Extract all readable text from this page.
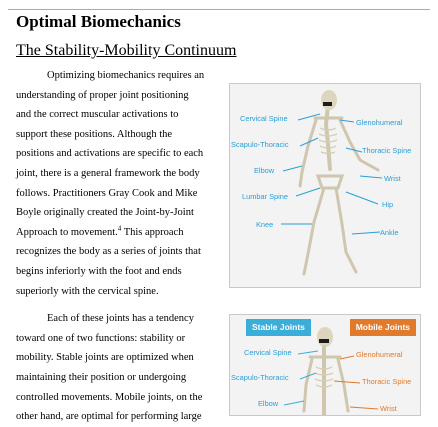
Optimal Biomechanics
The Stability-Mobility Continuum
Optimizing biomechanics requires an
understanding of proper joint positioning
and the correct muscular activations to
support these positions. Although the
positions and activations are specific to each
joint, there is a general framework the body
follows. Practitioners Gray Cook and Mike
Boyle originally created the Joint-by-Joint
Approach to movement.$^4$ This approach
recognizes the body as a series of joints that
begins inferiorly with the foot and ends
superiorly with the cervical spine.
Each of these joints has a tendency
toward one of two functions: stability or
mobility. Stable joints are optimized when
maintaining their position or undergoing
controlled movements. Mobile joints, on the
other hand, are optimal for performing large
Cervical Spine
Scapulo-Thoracic
Elbow
Lumbar Spine
Knee
Glenohumeral
Thoracic Spine
Wrist
Hip
Ankle
Stable Joints	Mobile Joints
Cervical Spine
Scapulo-Thoracic
Elbow
Glenohumeral
Thoracic Spine
Wrist
